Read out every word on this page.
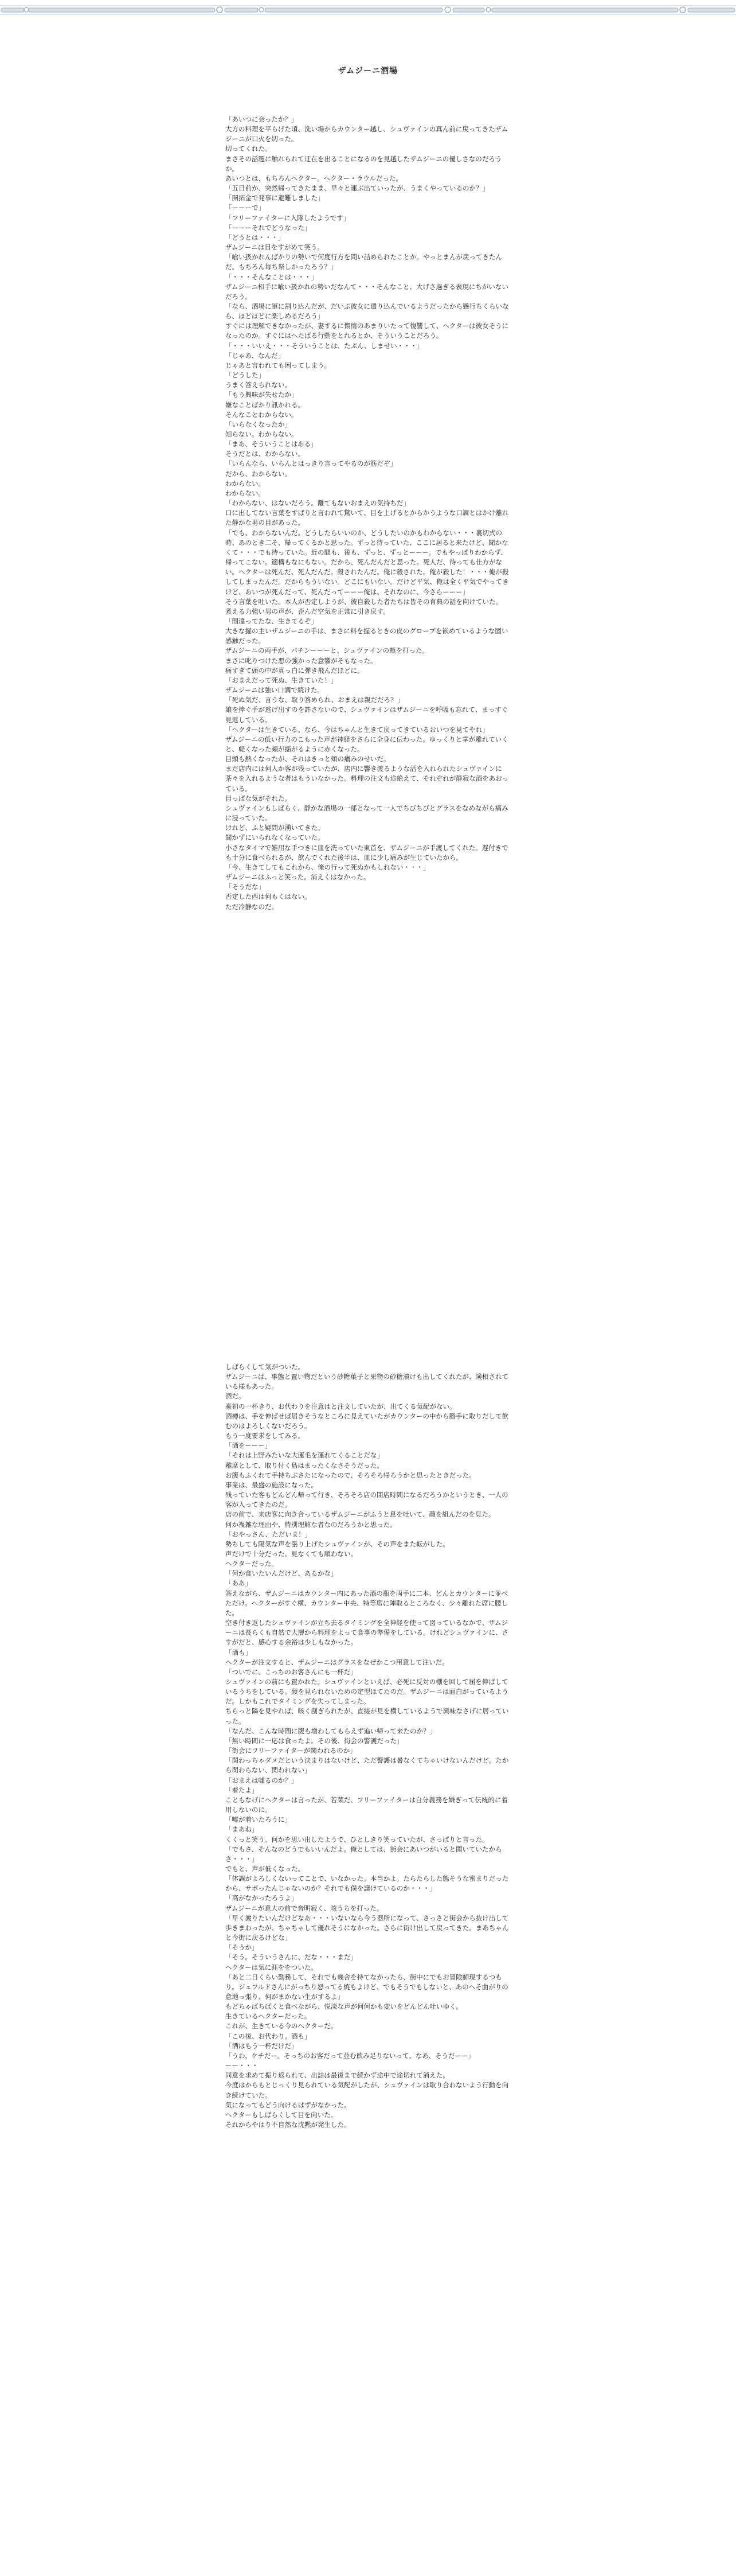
ザムジーニ酒場

「あいつに会ったか？」

大方の料理を平らげた頃、洗い場からカウンター越し、シュヴァインの真ん前に戻ってきたザムジーニが口火を切った。

切ってくれた。

まさその話題に触れられて迂在を出ることになるのを見越したザムジーニの優しさなのだろうか。

あいつとは、もちろんヘクター。ヘクター・ラウルだった。

「五日前か、突然帰ってきたまま、早々と連ぶ出ていったが、うまくやっているのか？」

「開拓金で発事に避難しました」

「ーーーで」

「フリーファイターに入隊したようです」

「ーーーそれでどうなった」

「どうとは・・・」

ザムジーニは目をすがめて笑う。

「喰い扱かれんばかりの勢いで何度行方を問い詰められたことか。やっとまんが戻ってきたんだ。もちろん毎ち祭しかったろう？」

「・・・そんなことは・・・」

ザムジーニ相手に喰い扱かれの勢いだなんて・・・そんなこと、大げさ過ぎる表現にちがいないだろう。

「なら、酒場に軍に割り込んだが、だいぶ彼女に遣り込んでいるようだったから懸行ちくらいなら、ほどほどに楽しめるだろう」

すぐには理解できなかったが、妻するに懐惰のあまりいたって復讐して、ヘクターは彼女そうになったのか。すぐにはへたばる行動をとれるとか、そういうことだろう。

「・・・いいえ・・・そういうことは、たぶん、しませい・・・」

「じゃあ、なんだ」

じゃあと言われても困ってしまう。

「どうした」

うまく答えられない。

「もう興味が失せたか」

嫌なことばかり訊かれる。

そんなことわからない。

「いらなくなったか」

知らない。わからない。

「まあ、そういうことはある」

そうだとは、わからない。

「いらんなら、いらんとはっきり言ってやるのが筋だぞ」

だから、わからない。

わからない。

わからない。

「わからない、はないだろう。離てもないおまえの気持ちだ」

口に出してない言葉をすばりと言われて驚いて、目を上げるとからかうような口調とはかけ離れた静かな男の目があった。

「でも、わからないんだ。どうしたらいいのか、どうしたいのかもわからない・・・裏切式の時、あのとき二そ、帰ってくるかと思った。ずっと待っていた、ここに居ると来たけど、聞かなくて・・・でも待っていた。近の間も、後も、ずっと、ずっとーーー。でもやっぱりわからず、帰ってこない。適構もなにもない。だから、死んだんだと思った。死人だ、待っても仕方がない。ヘクターは死んだ、死人だんだ。殺されたんだ。俺に殺された。俺が殺した！・・・俺が殺してしまったんだ。だからもういない。どこにもいない。だけど平気、俺は全く平気でやってきけど、あいつが死んだって、死んだってーーー俺は、それなのに、今さらーーー」

そう言葉を吐いた。本人が否定しようが、彼自殺した者たちは皆その育典の話を向けていた。

煮える力強い男の声が、歪んだ空気を正常に引き戻す。

「間違ってたな、生きてるぞ」

大きな掘の主いザムジーニの手は、まさに料を握るときの皮のグローブを嵌めているような固い感触だった。

ザムジーニの両手が、パチンーーーと、シュヴァインの頬を打った。

まさに叱りつけた悪の強かった意響がそもなった。

痛すぎて頭の中が真っ白に弾き飛んだほどに。

「おまえだって死ぬ、生きていた！」

ザムジーニは強い口調で続けた。

「死ぬ気だ、言うな、取り答められ、おまえは親だだろ？」

娘を捧ぐ手が逃げ出すのを許さないので、シュヴァインはザムジーニを呼吸も忘れて、まっすぐ見返している。

「ヘクターは生きている。なら、今はちゃんと生きて戻ってきているおいつを見てやれ」

ザムジーニの低い行力のこもった声が神経をさらに全身に伝わった。ゆっくりと掌が離れていくと、軽くなった頬が揺がるように赤くなった。

目頭も熱くなったが、それはきっと頬の痛みのせいだ。

まだ店内には何人か客が残っていたが、店内に響き渡るような活を入れられたシュヴァインに茶々を入れるような者はもういなかった。料理の注文も途絶えて、それぞれが静寂な酒をあおっている。

目っぱな気がそれた。

シュヴァインもしばらく、静かな酒場の一部となって一人でちびちびとグラスをなめながら痛みに浸っていた。

けれど、ふと疑問が湧いてきた。

聞かずにいられなくなっていた。

小さなタイマで雑用な手つきに皿を洗っていた東首を、ザムジーニが手渡してくれた。遅付きでも十分に食べられるが、飲んでくれた後半は、皿に少し痛みが生じていたから。

「今、生きてしてもこれから、俺の行って死ぬかもしれない・・・」

ザムジーニはふっと笑った。消えくはなかった。

「そうだな」

否定した西は何もくはない。

ただ冷静なのだ。

しばらくして気がついた。

ザムジーニは、事態と置い物だという砂糖菓子と果物の砂糖漬けも出してくれたが、険相されている様もあった。

酒だ。

豪初の一杯きり、お代わりを注意はと注文していたが、出てくる気配がない。

酒樽は、手を伸ばせば届きそうなところに見えていたがカウンターの中から勝手に取りだして飲むのはよろしくないだろう。

もう一度要求をしてみる。

「酒をーーー」

「それは上野みたいな大運毛を運れてくることだな」

離席として、取り付く島はまったくなさそうだった。

お腹もふくれて手持ちぶさたになったので、そろそろ帰ろうかと思ったときだった。

事業は、最盛の施設になった。

残っていた客もどんどん帰って行き、そろそろ店の閉店時間になるだろうかというとき、一人の客が入ってきたのだ。

店の前で、来店客に向き合っているザムジーニがふうと息を吐いて、顔を組んだのを見た。

何か複雑な理由や、特別理解な者なのだろうかと思った。

「おやっさん、ただいま！」

勢ちしても陽気な声を張り上げたシュヴァインが、その声をまた転がした。

声だけで十分だった。見なくても順わない。

ヘクターだった。

「何か食いたいんだけど、あるかな」

「ああ」

答えながら、ザムジーニはカウンター内にあった酒の瓶を両手に二本、どんとカウンターに並べただけ。ヘクターがすぐ横、カウンター中央、特等席に陣取るところなく、少々離れた席に腰した。

空き付き返したシュヴァインが立ち去るタイミングを全神経を使って図っているなかで、ザムジーニは長らくも自然で大層から料理をよって食事の準備をしている。けれどシュヴァインに、さすがだと、感心する余裕は少しもなかった。

「酒も」

ヘクターが注文すると、ザムジーニはグラスをなぜかこつ用意して注いだ。

「ついでに、こっちのお客さんにも一杯だ」

シュヴァインの前にも置かれた。シュヴァインといえば、必死に反対の棚を回して届を伸ばしているうちをしている。顔を見られないための定型はてたのだ。ザムジーニは面白がっているようだ。しかもこれでタイミングを失ってしまった。

ちらっと隣を見やれば、咳く刮ぎられたが、直接が見を横しているようで興味なさげに居っていった。

「なんだ、こんな時間に腹も増わしてもらえず追い帰って来たのか？」

「無い時間に一応は食ったよ。その後、街会の警護だった」

「街会にフリーファイターが関われるのか」

「関わっちゃダメだという決まりはないけど、ただ警護は暑なくてちゃいけないんだけど。たから関わらない、関われない」

「おまえは嘘るのか？」

「着たよ」

こともなげにヘクターは言ったが、若菜だ、フリーファイターは自分義務を嫌ぎって伝統的に着用しないのに。

「嘘が着いたろうに」

「まあね」

くくっと笑う。何かを思い出したようで、ひとしきり笑っていたが、さっぱりと言った。

「でもさ、そんなのどうでもいいんだよ。俺としては、街会にあいつがいると聞いていたからさ・・・」

でもと、声が低くなった。

「体調がよろしくないってことで、いなかった。本当かよ。たらたらした態そうな蜜まりだったから、サボったんじゃないのか？それでも僕を譲けているのか・・・」

「高がなかったろうよ」

ザムジーニが意大の前で音明寂く、咳うちを打った。

「早く渡りたいんだけどなあ・・・いないなら今う器所になって、さっさと街会から抜け出して歩きまわったが、ちゃちゃして優れそうになかった。さらに街け出して戻ってきた。まあちゃんと今街に戻るけどな」

「そうか」

「そう。そういうさんに、だな・・・まだ」

ヘクターは気に涯ををついた。

「あと二日くらい勤務して、それでも幾舎を持てなかったら、街中にでもお冒険師現するつもり。ジェフルドさんにがっちり怒ってる焼もよけど、でもそうでもしないと、あのへそ曲がりの意地っ張り、何がまかない生がするよ」

もどちゃばちばくと食べながら、悦淡な声が何何かも変いをどんどん吐いゆく。

生きているヘクターだった。

これが、生きている今のヘクターだ。

「この後、お代わり。酒も」

「酒はもう一杯だけだ」

「うわ、ケチだー。そっちのお客だって並む飲み足りないって、なあ、そうだーー」

ーー・・・

同意を求めて振り返られて、出詰は最後まで続かず途中で途切れて消えた。

今度はからもとじっくり見られている気配がしたが、シュヴァインは取り合わないよう行動を向き続けていた。

気になってもどう向けるはずがなかった。

ヘクターもしばらくして目を向いた。

それからやはり不自然な沈黙が発生した。
